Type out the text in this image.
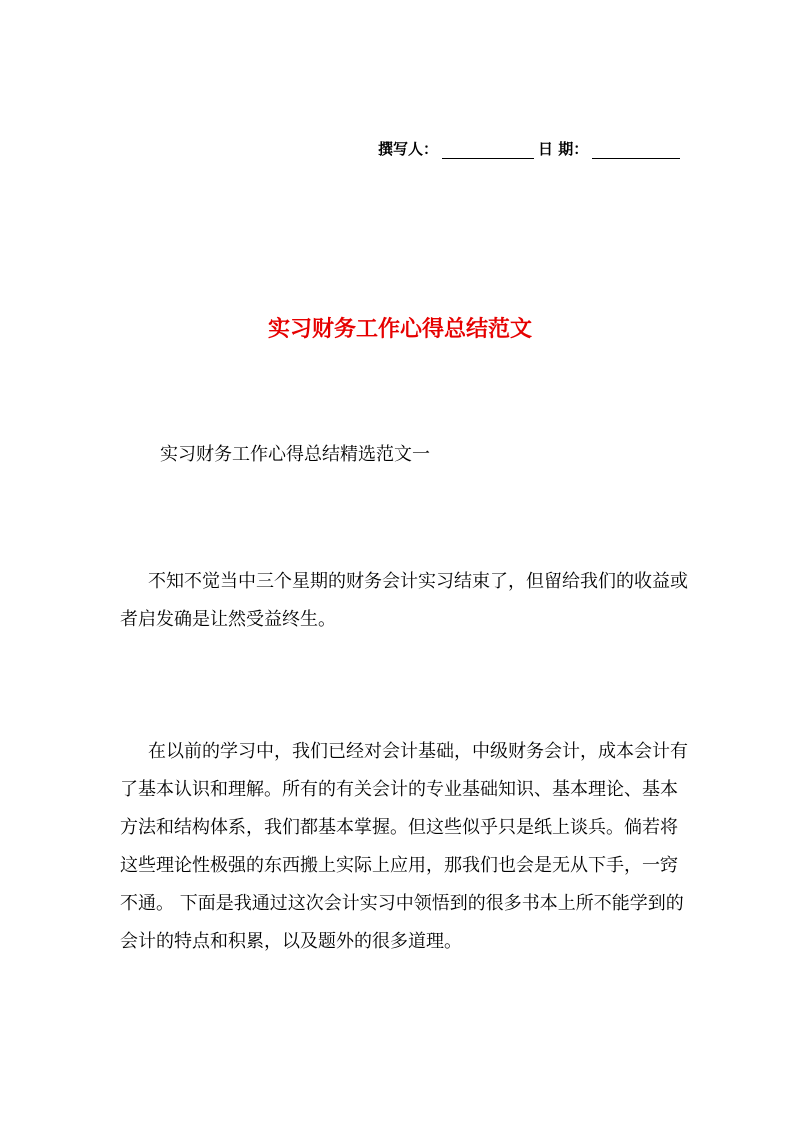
撰写人：	日 期：
实习财务工作心得总结范文
实习财务工作心得总结精选范文一
不知不觉当中三个星期的财务会计实习结束了，但留给我们的收益或者启发确是让然受益终生。
在以前的学习中，我们已经对会计基础，中级财务会计，成本会计有了基本认识和理解。所有的有关会计的专业基础知识、基本理论、基本方法和结构体系，我们都基本掌握。但这些似乎只是纸上谈兵。倘若将这些理论性极强的东西搬上实际上应用，那我们也会是无从下手，一窍不通。 下面是我通过这次会计实习中领悟到的很多书本上所不能学到的会计的特点和积累，以及题外的很多道理。
